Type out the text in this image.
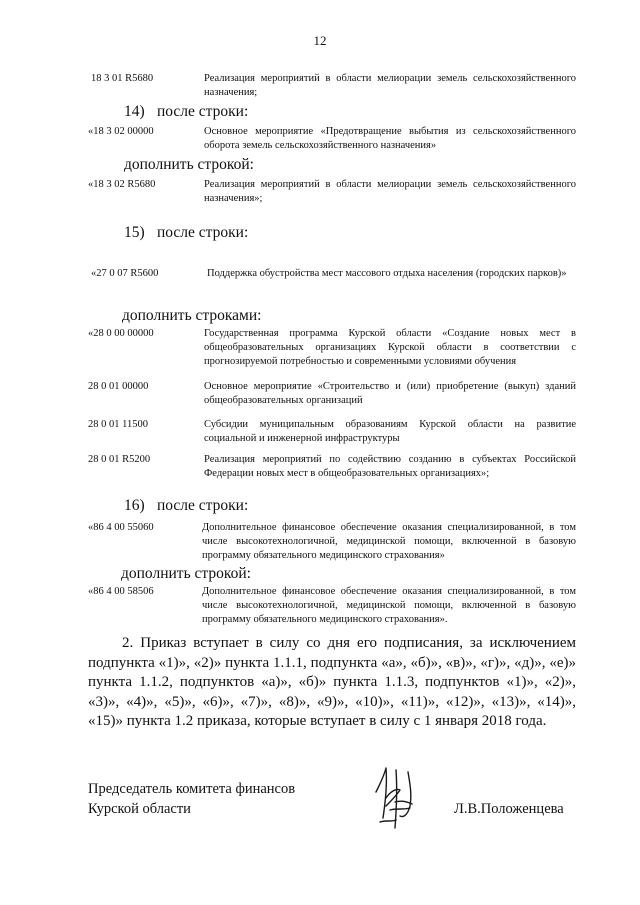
12
18 3 01 R5680	Реализация мероприятий в области мелиорации земель сельскохозяйственного назначения;
14) после строки:
«18 3 02 00000	Основное мероприятие «Предотвращение выбытия из сельскохозяйственного оборота земель сельскохозяйственного назначения»
дополнить строкой:
«18 3 02 R5680	Реализация мероприятий в области мелиорации земель сельскохозяйственного назначения»;
15) после строки:
«27 0 07 R5600	Поддержка обустройства мест массового отдыха населения (городских парков)»
дополнить строками:
«28 0 00 00000	Государственная программа Курской области «Создание новых мест в общеобразовательных организациях Курской области в соответствии с прогнозируемой потребностью и современными условиями обучения
28 0 01 00000	Основное мероприятие «Строительство и (или) приобретение (выкуп) зданий общеобразовательных организаций
28 0 01 11500	Субсидии муниципальным образованиям Курской области на развитие социальной и инженерной инфраструктуры
28 0 01 R5200	Реализация мероприятий по содействию созданию в субъектах Российской Федерации новых мест в общеобразовательных организациях»;
16) после строки:
«86 4 00 55060	Дополнительное финансовое обеспечение оказания специализированной, в том числе высокотехнологичной, медицинской помощи, включенной в базовую программу обязательного медицинского страхования»
дополнить строкой:
«86 4 00 58506	Дополнительное финансовое обеспечение оказания специализированной, в том числе высокотехнологичной, медицинской помощи, включенной в базовую программу обязательного медицинского страхования».
2. Приказ вступает в силу со дня его подписания, за исключением подпункта «1)», «2)» пункта 1.1.1, подпункта «а», «б)», «в)», «г)», «д)», «е)» пункта 1.1.2, подпунктов «а)», «б)» пункта 1.1.3, подпунктов «1)», «2)», «3)», «4)», «5)», «6)», «7)», «8)», «9)», «10)», «11)», «12)», «13)», «14)», «15)» пункта 1.2 приказа, которые вступает в силу с 1 января 2018 года.
Председатель комитета финансов
Курской области	Л.В.Положенцева
